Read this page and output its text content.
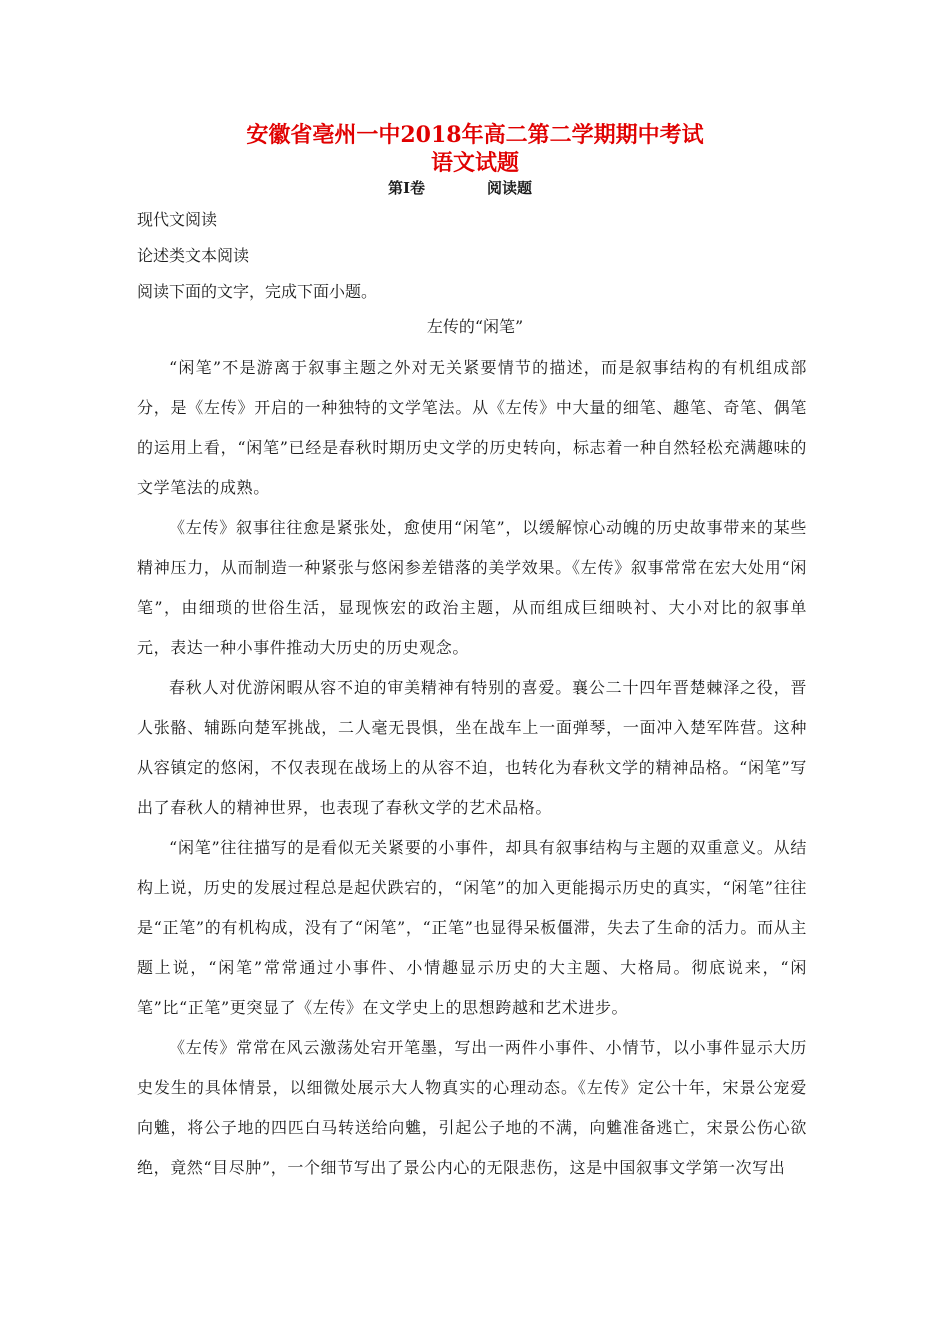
安徽省亳州一中2018年高二第二学期期中考试
语文试题
第Ⅰ卷	阅读题
现代文阅读
论述类文本阅读
阅读下面的文字，完成下面小题。
左传的“闲笔”

“闲笔”不是游离于叙事主题之外对无关紧要情节的描述，而是叙事结构的有机组成部分，是《左传》开启的一种独特的文学笔法。从《左传》中大量的细笔、趣笔、奇笔、偶笔的运用上看，“闲笔”已经是春秋时期历史文学的历史转向，标志着一种自然轻松充满趣味的文学笔法的成熟。

《左传》叙事往往愈是紧张处，愈使用“闲笔”，以缓解惊心动魄的历史故事带来的某些精神压力，从而制造一种紧张与悠闲参差错落的美学效果。《左传》叙事常常在宏大处用“闲笔”，由细琐的世俗生活，显现恢宏的政治主题，从而组成巨细映衬、大小对比的叙事单元，表达一种小事件推动大历史的历史观念。

春秋人对优游闲暇从容不迫的审美精神有特别的喜爱。襄公二十四年晋楚棘泽之役，晋人张骼、辅跞向楚军挑战，二人毫无畏惧，坐在战车上一面弹琴，一面冲入楚军阵营。这种从容镇定的悠闲，不仅表现在战场上的从容不迫，也转化为春秋文学的精神品格。“闲笔”写出了春秋人的精神世界，也表现了春秋文学的艺术品格。

“闲笔”往往描写的是看似无关紧要的小事件，却具有叙事结构与主题的双重意义。从结构上说，历史的发展过程总是起伏跌宕的，“闲笔”的加入更能揭示历史的真实，“闲笔”往往是“正笔”的有机构成，没有了“闲笔”，“正笔”也显得呆板僵滞，失去了生命的活力。而从主题上说，“闲笔”常常通过小事件、小情趣显示历史的大主题、大格局。彻底说来，“闲笔”比“正笔”更突显了《左传》在文学史上的思想跨越和艺术进步。

《左传》常常在风云激荡处宕开笔墨，写出一两件小事件、小情节，以小事件显示大历史发生的具体情景，以细微处展示大人物真实的心理动态。《左传》定公十年，宋景公宠爱向魋，将公子地的四匹白马转送给向魋，引起公子地的不满，向魋准备逃亡，宋景公伤心欲绝，竟然“目尽肿”，一个细节写出了景公内心的无限悲伤，这是中国叙事文学第一次写出
